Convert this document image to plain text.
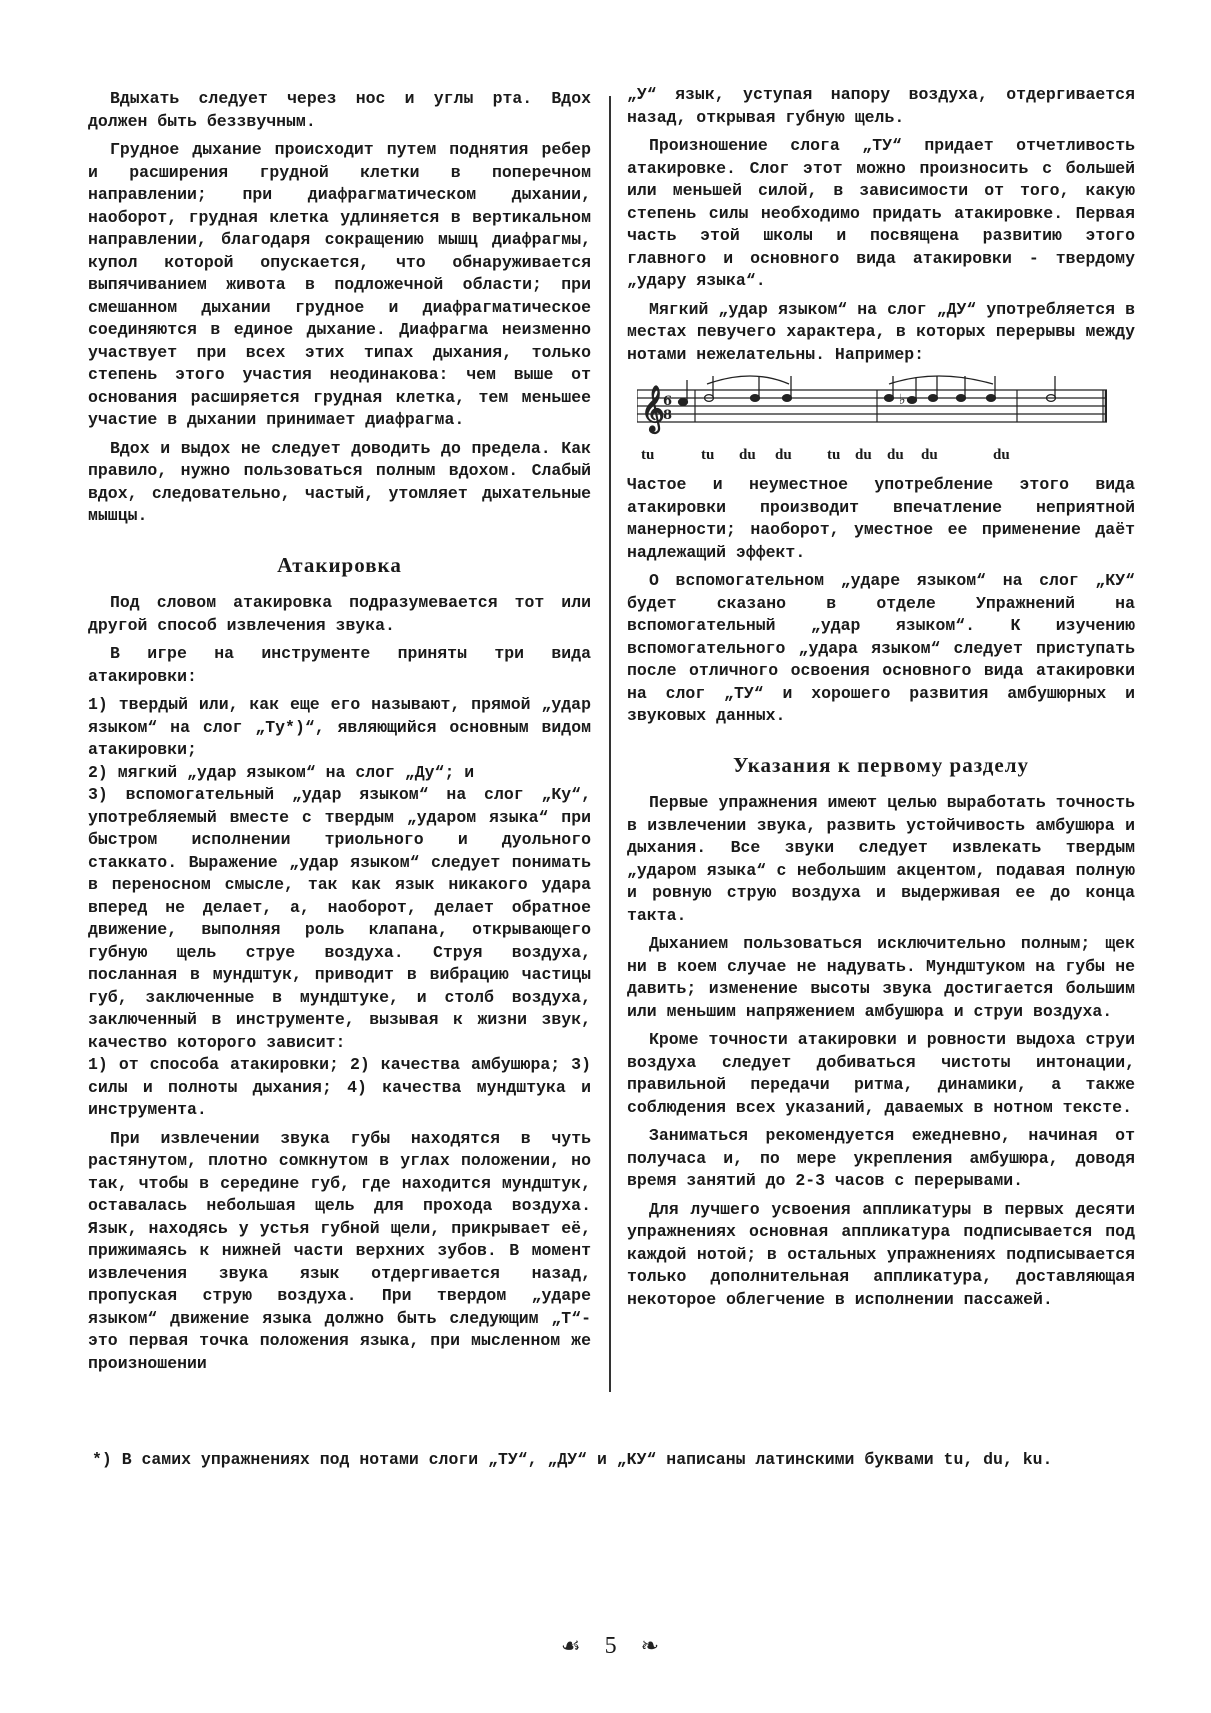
Вдыхать следует через нос и углы рта. Вдох должен быть беззвучным.

Грудное дыхание происходит путем поднятия ребер и расширения грудной клетки в поперечном направлении; при диафрагматическом дыхании, наоборот, грудная клетка удлиняется в вертикальном направлении, благодаря сокращению мышц диафрагмы, купол которой опускается, что обнаруживается выпячиванием живота в подложечной области; при смешанном дыхании грудное и диафрагматическое соединяются в единое дыхание. Диафрагма неизменно участвует при всех этих типах дыхания, только степень этого участия неодинакова: чем выше от основания расширяется грудная клетка, тем меньшее участие в дыхании принимает диафрагма.

Вдох и выдох не следует доводить до предела. Как правило, нужно пользоваться полным вдохом. Слабый вдох, следовательно, частый, утомляет дыхательные мышцы.

Атакировка

Под словом атакировка подразумевается тот или другой способ извлечения звука.

В игре на инструменте приняты три вида атакировки:

1) твердый или, как еще его называют, прямой „удар языком“ на слог „Ту*)“, являющийся основным видом атакировки;

2) мягкий „удар языком“ на слог „Ду“; и

3) вспомогательный „удар языком“ на слог „Ку“, употребляемый вместе с твердым „ударом языка“ при быстром исполнении триольного и дуольного стаккато. Выражение „удар языком“ следует понимать в переносном смысле, так как язык никакого удара вперед не делает, а, наоборот, делает обратное движение, выполняя роль клапана, открывающего губную щель струе воздуха. Струя воздуха, посланная в мундштук, приводит в вибрацию частицы губ, заключенные в мундштуке, и столб воздуха, заключенный в инструменте, вызывая к жизни звук, качество которого зависит:

1) от способа атакировки; 2) качества амбушюра; 3) силы и полноты дыхания; 4) качества мундштука и инструмента.

При извлечении звука губы находятся в чуть растянутом, плотно сомкнутом в углах положении, но так, чтобы в середине губ, где находится мундштук, оставалась небольшая щель для прохода воздуха. Язык, находясь у устья губной щели, прикрывает её, прижимаясь к нижней части верхних зубов. В момент извлечения звука язык отдергивается назад, пропуская струю воздуха. При твердом „ударе языком“ движение языка должно быть следующим „Т“-это первая точка положения языка, при мысленном же произношении

„У“ язык, уступая напору воздуха, отдергивается назад, открывая губную щель.

Произношение слога „ТУ“ придает отчетливость атакировке. Слог этот можно произносить с большей или меньшей силой, в зависимости от того, какую степень силы необходимо придать атакировке. Первая часть этой школы и посвящена развитию этого главного и основного вида атакировки - твердому „удару языка“.

Мягкий „удар языком“ на слог „ДУ“ употребляется в местах певучего характера, в которых перерывы между нотами нежелательны. Например:

𝄞
6
8
♭
tu	tu du du tu du du du	du

Частое и неуместное употребление этого вида атакировки производит впечатление неприятной манерности; наоборот, уместное ее применение даёт надлежащий эффект.

О вспомогательном „ударе языком“ на слог „КУ“ будет сказано в отделе Упражнений на вспомогательный „удар языком“. К изучению вспомогательного „удара языком“ следует приступать после отличного освоения основного вида атакировки на слог „ТУ“ и хорошего развития амбушюрных и звуковых данных.

Указания к первому разделу

Первые упражнения имеют целью выработать точность в извлечении звука, развить устойчивость амбушюра и дыхания. Все звуки следует извлекать твердым „ударом языка“ с небольшим акцентом, подавая полную и ровную струю воздуха и выдерживая ее до конца такта.

Дыханием пользоваться исключительно полным; щек ни в коем случае не надувать. Мундштуком на губы не давить; изменение высоты звука достигается большим или меньшим напряжением амбушюра и струи воздуха.

Кроме точности атакировки и ровности выдоха струи воздуха следует добиваться чистоты интонации, правильной передачи ритма, динамики, а также соблюдения всех указаний, даваемых в нотном тексте.

Заниматься рекомендуется ежедневно, начиная от получаса и, по мере укрепления амбушюра, доводя время занятий до 2-3 часов с перерывами.

Для лучшего усвоения аппликатуры в первых десяти упражнениях основная аппликатура подписывается под каждой нотой; в остальных упражнениях подписывается только дополнительная аппликатура, доставляющая некоторое облегчение в исполнении пассажей.

*) В самих упражнениях под нотами слоги „ТУ“, „ДУ“ и „КУ“ написаны латинскими буквами tu, du, ku.
☙ 5 ❧
